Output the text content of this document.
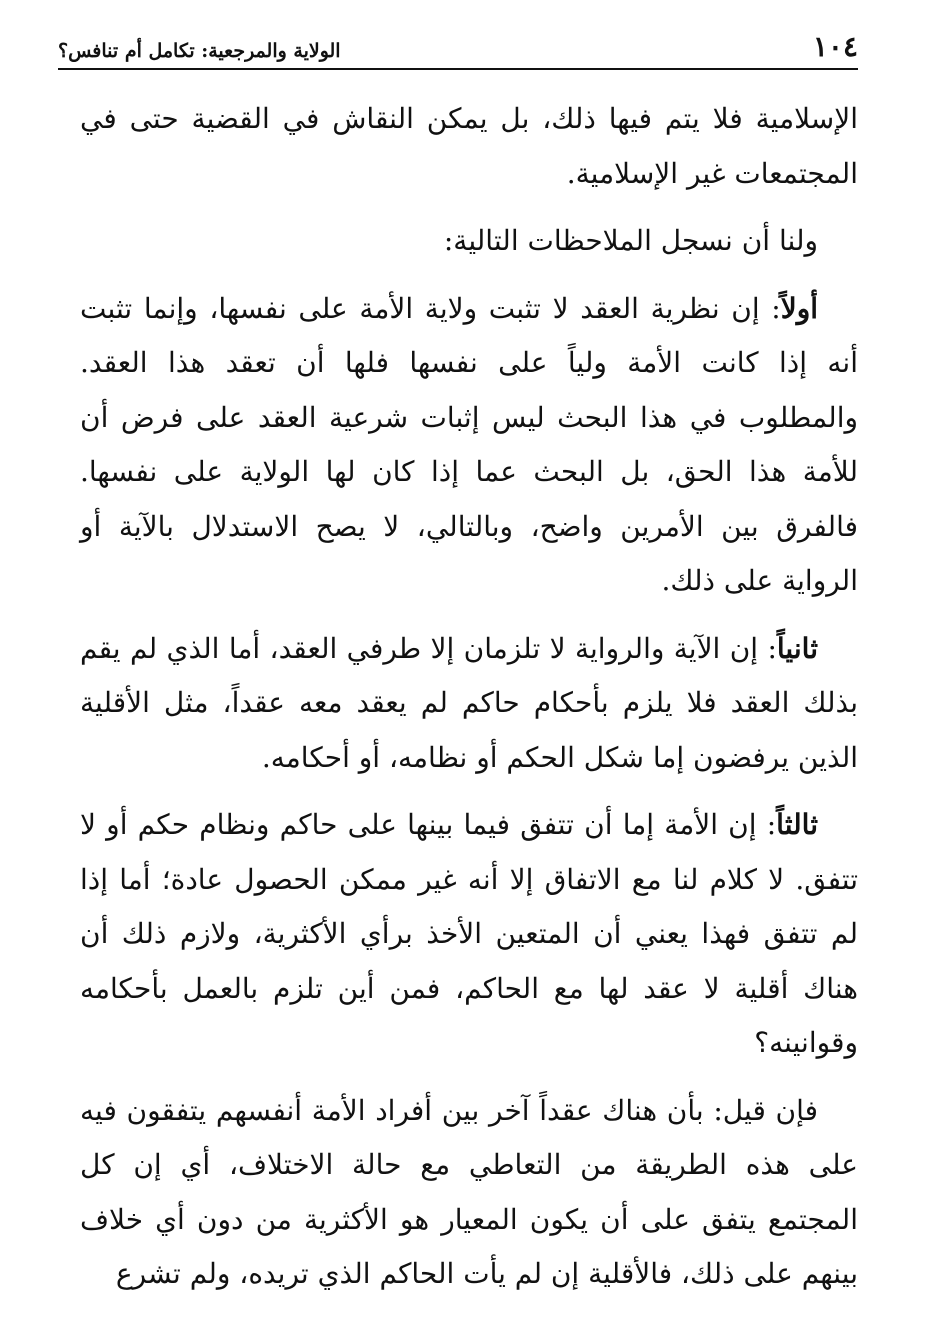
١٠٤
الولاية والمرجعية: تكامل أم تنافس؟

الإسلامية فلا يتم فيها ذلك، بل يمكن النقاش في القضية حتى في المجتمعات غير الإسلامية.

ولنا أن نسجل الملاحظات التالية:

أولاً: إن نظرية العقد لا تثبت ولاية الأمة على نفسها، وإنما تثبت أنه إذا كانت الأمة ولياً على نفسها فلها أن تعقد هذا العقد. والمطلوب في هذا البحث ليس إثبات شرعية العقد على فرض أن للأمة هذا الحق، بل البحث عما إذا كان لها الولاية على نفسها. فالفرق بين الأمرين واضح، وبالتالي، لا يصح الاستدلال بالآية أو الرواية على ذلك.

ثانياً: إن الآية والرواية لا تلزمان إلا طرفي العقد، أما الذي لم يقم بذلك العقد فلا يلزم بأحكام حاكم لم يعقد معه عقداً، مثل الأقلية الذين يرفضون إما شكل الحكم أو نظامه، أو أحكامه.

ثالثاً: إن الأمة إما أن تتفق فيما بينها على حاكم ونظام حكم أو لا تتفق. لا كلام لنا مع الاتفاق إلا أنه غير ممكن الحصول عادة؛ أما إذا لم تتفق فهذا يعني أن المتعين الأخذ برأي الأكثرية، ولازم ذلك أن هناك أقلية لا عقد لها مع الحاكم، فمن أين تلزم بالعمل بأحكامه وقوانينه؟

فإن قيل: بأن هناك عقداً آخر بين أفراد الأمة أنفسهم يتفقون فيه على هذه الطريقة من التعاطي مع حالة الاختلاف، أي إن كل المجتمع يتفق على أن يكون المعيار هو الأكثرية من دون أي خلاف بينهم على ذلك، فالأقلية إن لم يأت الحاكم الذي تريده، ولم تشرع
